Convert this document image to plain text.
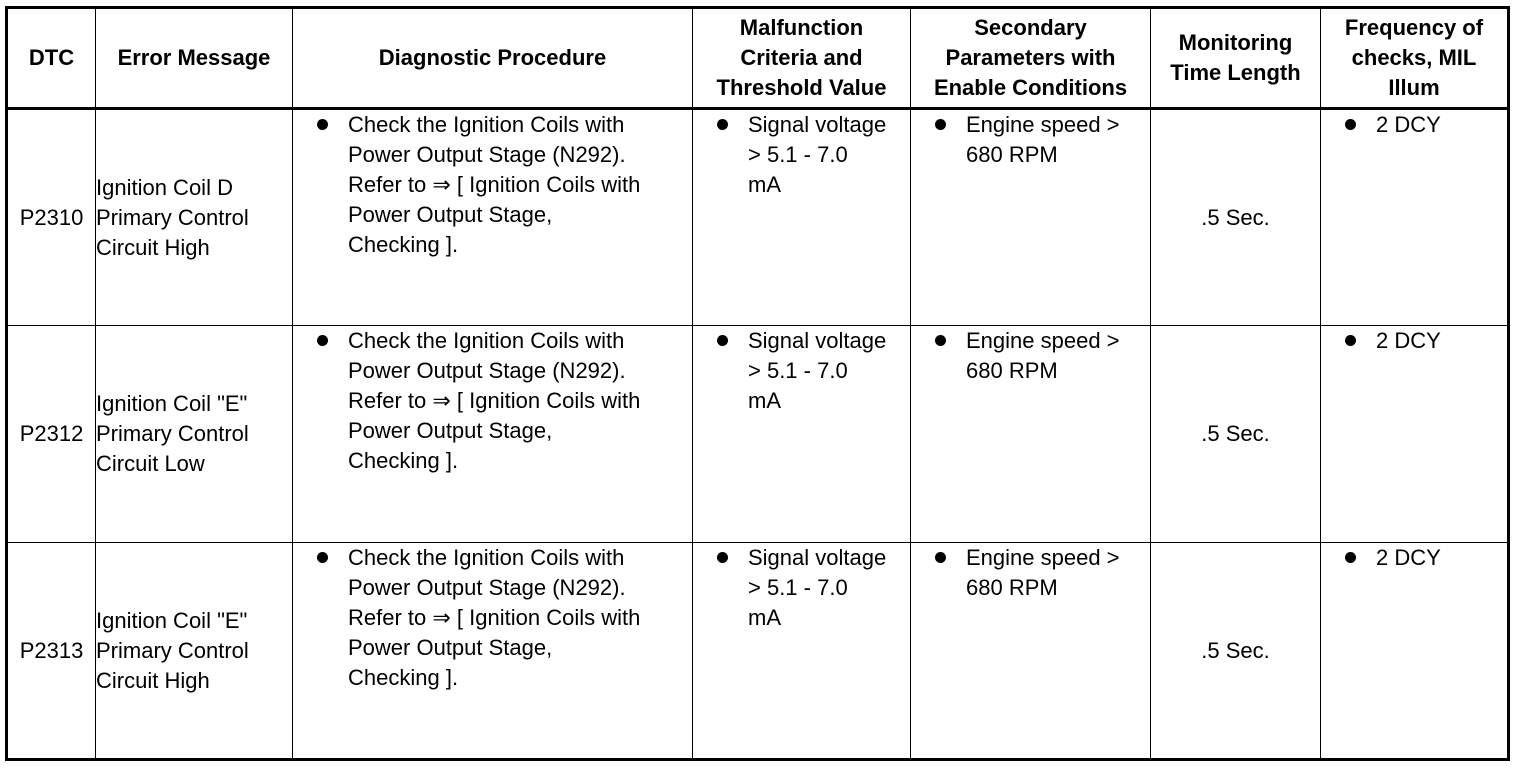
DTC	Error Message	Diagnostic Procedure	Malfunction
Criteria and
Threshold Value	Secondary
Parameters with
Enable Conditions	Monitoring
Time Length	Frequency of
checks, MIL
Illum

P2310	Ignition Coil D
Primary Control
Circuit High	Check the Ignition Coils with
Power Output Stage (N292).
Refer to ⇒ [ Ignition Coils with
Power Output Stage,
Checking ].	Signal voltage
> 5.1 - 7.0
mA	Engine speed >
680 RPM	.5 Sec.	2 DCY

P2312	Ignition Coil "E"
Primary Control
Circuit Low	Check the Ignition Coils with
Power Output Stage (N292).
Refer to ⇒ [ Ignition Coils with
Power Output Stage,
Checking ].	Signal voltage
> 5.1 - 7.0
mA	Engine speed >
680 RPM	.5 Sec.	2 DCY

P2313	Ignition Coil "E"
Primary Control
Circuit High	Check the Ignition Coils with
Power Output Stage (N292).
Refer to ⇒ [ Ignition Coils with
Power Output Stage,
Checking ].	Signal voltage
> 5.1 - 7.0
mA	Engine speed >
680 RPM	.5 Sec.	2 DCY
